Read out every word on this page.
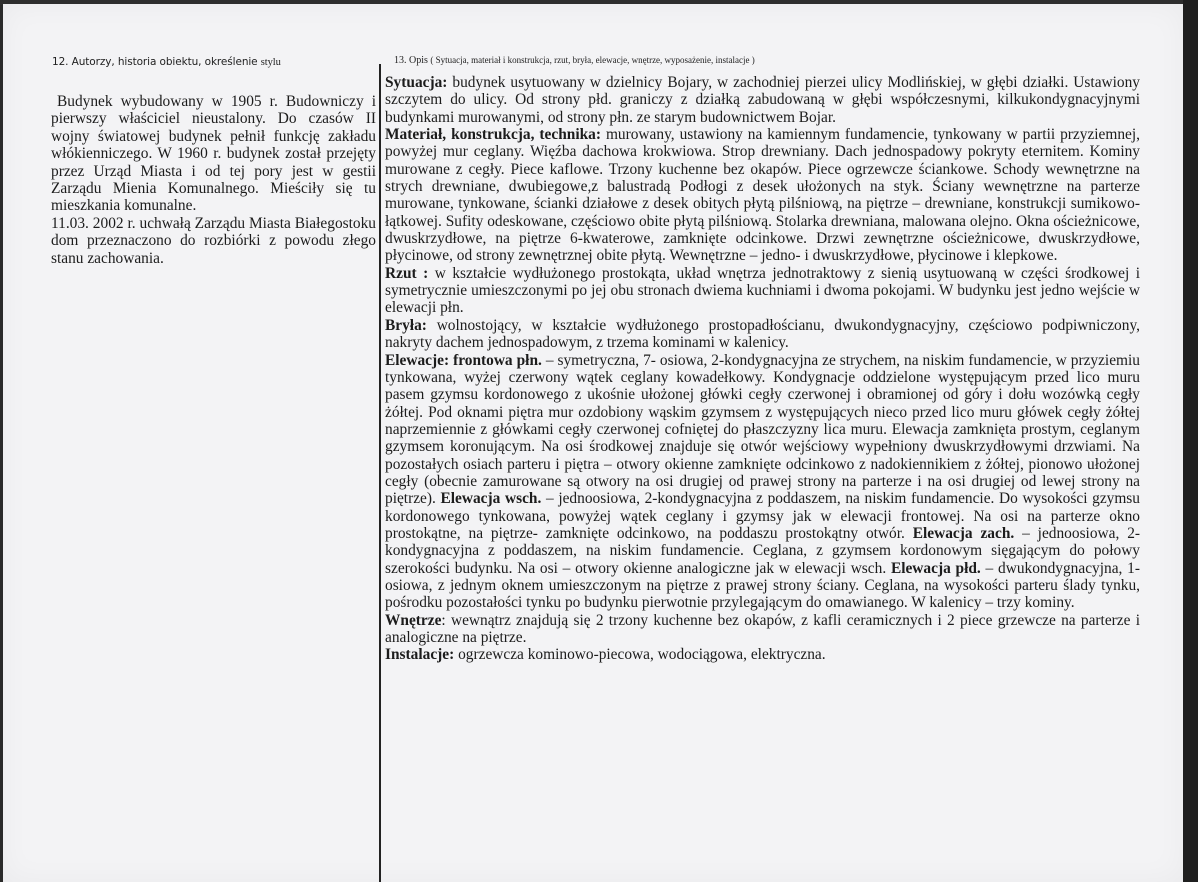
12. Autorzy, historia obiektu, określenie stylu	13. Opis ( Sytuacja, materiał i konstrukcja, rzut, bryła, elewacje, wnętrze, wyposażenie, instalacje )

Budynek wybudowany w 1905 r. Budowniczy i pierwszy właściciel nieustalony. Do czasów II wojny światowej budynek pełnił funkcję zakładu włókienniczego. W 1960 r. budynek został przejęty przez Urząd Miasta i od tej pory jest w gestii Zarządu Mienia Komunalnego. Mieściły się tu mieszkania komunalne.

11.03. 2002 r. uchwałą Zarządu Miasta Białegostoku dom przeznaczono do rozbiórki z powodu złego stanu zachowania.

Sytuacja: budynek usytuowany w dzielnicy Bojary, w zachodniej pierzei ulicy Modlińskiej, w głębi działki. Ustawiony szczytem do ulicy. Od strony płd. graniczy z działką zabudowaną w głębi współczesnymi, kilkukondygnacyjnymi budynkami murowanymi, od strony płn. ze starym budownictwem Bojar.

Materiał, konstrukcja, technika: murowany, ustawiony na kamiennym fundamencie, tynkowany w partii przyziemnej, powyżej mur ceglany. Więźba dachowa krokwiowa. Strop drewniany. Dach jednospadowy pokryty eternitem. Kominy murowane z cegły. Piece kaflowe. Trzony kuchenne bez okapów. Piece ogrzewcze ściankowe. Schody wewnętrzne na strych drewniane, dwubiegowe,z balustradą Podłogi z desek ułożonych na styk. Ściany wewnętrzne na parterze murowane, tynkowane, ścianki działowe z desek obitych płytą pilśniową, na piętrze – drewniane, konstrukcji sumikowo-łątkowej. Sufity odeskowane, częściowo obite płytą pilśniową. Stolarka drewniana, malowana olejno. Okna ościeżnicowe, dwuskrzydłowe, na piętrze 6-kwaterowe, zamknięte odcinkowe. Drzwi zewnętrzne ościeżnicowe, dwuskrzydłowe, płycinowe, od strony zewnętrznej obite płytą. Wewnętrzne – jedno- i dwuskrzydłowe, płycinowe i klepkowe.

Rzut : w kształcie wydłużonego prostokąta, układ wnętrza jednotraktowy z sienią usytuowaną w części środkowej i symetrycznie umieszczonymi po jej obu stronach dwiema kuchniami i dwoma pokojami. W budynku jest jedno wejście w elewacji płn.

Bryła: wolnostojący, w kształcie wydłużonego prostopadłościanu, dwukondygnacyjny, częściowo podpiwniczony, nakryty dachem jednospadowym, z trzema kominami w kalenicy.

Elewacje: frontowa płn. – symetryczna, 7- osiowa, 2-kondygnacyjna ze strychem, na niskim fundamencie, w przyziemiu tynkowana, wyżej czerwony wątek ceglany kowadełkowy. Kondygnacje oddzielone występującym przed lico muru pasem gzymsu kordonowego z ukośnie ułożonej główki cegły czerwonej i obramionej od góry i dołu wozówką cegły żółtej. Pod oknami piętra mur ozdobiony wąskim gzymsem z występujących nieco przed lico muru główek cegły żółtej naprzemiennie z główkami cegły czerwonej cofniętej do płaszczyzny lica muru. Elewacja zamknięta prostym, ceglanym gzymsem koronującym. Na osi środkowej znajduje się otwór wejściowy wypełniony dwuskrzydłowymi drzwiami. Na pozostałych osiach parteru i piętra – otwory okienne zamknięte odcinkowo z nadokiennikiem z żółtej, pionowo ułożonej cegły (obecnie zamurowane są otwory na osi drugiej od prawej strony na parterze i na osi drugiej od lewej strony na piętrze). Elewacja wsch. – jednoosiowa, 2-kondygnacyjna z poddaszem, na niskim fundamencie. Do wysokości gzymsu kordonowego tynkowana, powyżej wątek ceglany i gzymsy jak w elewacji frontowej. Na osi na parterze okno prostokątne, na piętrze- zamknięte odcinkowo, na poddaszu prostokątny otwór. Elewacja zach. – jednoosiowa, 2-kondygnacyjna z poddaszem, na niskim fundamencie. Ceglana, z gzymsem kordonowym sięgającym do połowy szerokości budynku. Na osi – otwory okienne analogiczne jak w elewacji wsch. Elewacja płd. – dwukondygnacyjna, 1-osiowa, z jednym oknem umieszczonym na piętrze z prawej strony ściany. Ceglana, na wysokości parteru ślady tynku, pośrodku pozostałości tynku po budynku pierwotnie przylegającym do omawianego. W kalenicy – trzy kominy.

Wnętrze: wewnątrz znajdują się 2 trzony kuchenne bez okapów, z kafli ceramicznych i 2 piece grzewcze na parterze i analogiczne na piętrze.

Instalacje: ogrzewcza kominowo-piecowa, wodociągowa, elektryczna.
